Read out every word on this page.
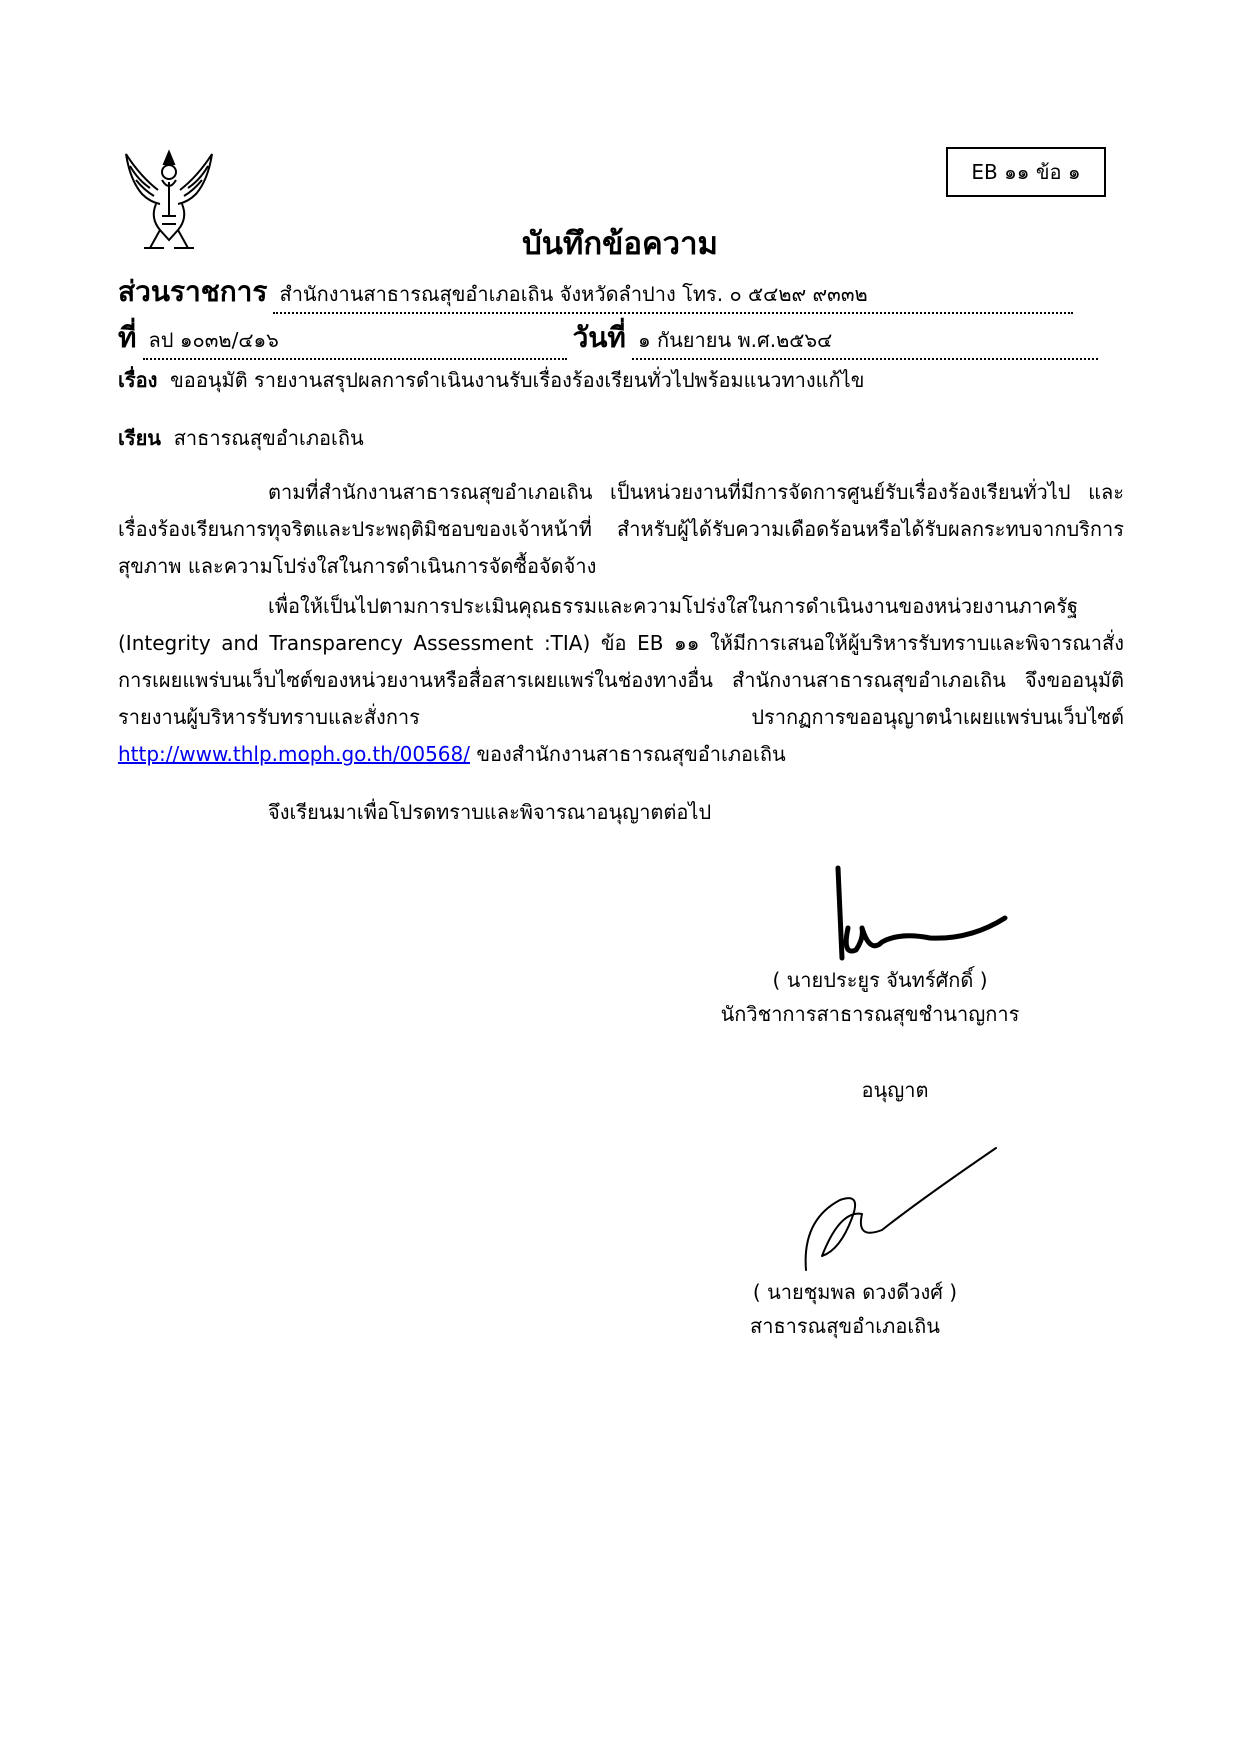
EB ๑๑ ข้อ ๑
บันทึกข้อความ
ส่วนราชการ สำนักงานสาธารณสุขอำเภอเถิน จังหวัดลำปาง โทร. ๐ ๕๔๒๙ ๙๓๓๒
ที่ ลป ๑๐๓๒/๔๑๖	วันที่ ๑ กันยายน พ.ศ.๒๕๖๔
เรื่อง ขออนุมัติ รายงานสรุปผลการดำเนินงานรับเรื่องร้องเรียนทั่วไปพร้อมแนวทางแก้ไข
เรียน สาธารณสุขอำเภอเถิน

ตามที่สำนักงานสาธารณสุขอำเภอเถิน เป็นหน่วยงานที่มีการจัดการศูนย์รับเรื่องร้องเรียนทั่วไป และเรื่องร้องเรียนการทุจริตและประพฤติมิชอบของเจ้าหน้าที่ สำหรับผู้ได้รับความเดือดร้อนหรือได้รับผลกระทบจากบริการสุขภาพ และความโปร่งใสในการดำเนินการจัดซื้อจัดจ้าง

เพื่อให้เป็นไปตามการประเมินคุณธรรมและความโปร่งใสในการดำเนินงานของหน่วยงานภาครัฐ (Integrity and Transparency Assessment :TIA) ข้อ EB ๑๑ ให้มีการเสนอให้ผู้บริหารรับทราบและพิจารณาสั่งการเผยแพร่บนเว็บไซต์ของหน่วยงานหรือสื่อสารเผยแพร่ในช่องทางอื่น สำนักงานสาธารณสุขอำเภอเถิน จึงขออนุมัติรายงานผู้บริหารรับทราบและสั่งการ ปรากฏการขออนุญาตนำเผยแพร่บนเว็บไซต์ http://www.thlp.moph.go.th/00568/ ของสำนักงานสาธารณสุขอำเภอเถิน

จึงเรียนมาเพื่อโปรดทราบและพิจารณาอนุญาตต่อไป
( นายประยูร จันทร์ศักดิ์ )
นักวิชาการสาธารณสุขชำนาญการ
อนุญาต
( นายชุมพล ดวงดีวงศ์ )
สาธารณสุขอำเภอเถิน
